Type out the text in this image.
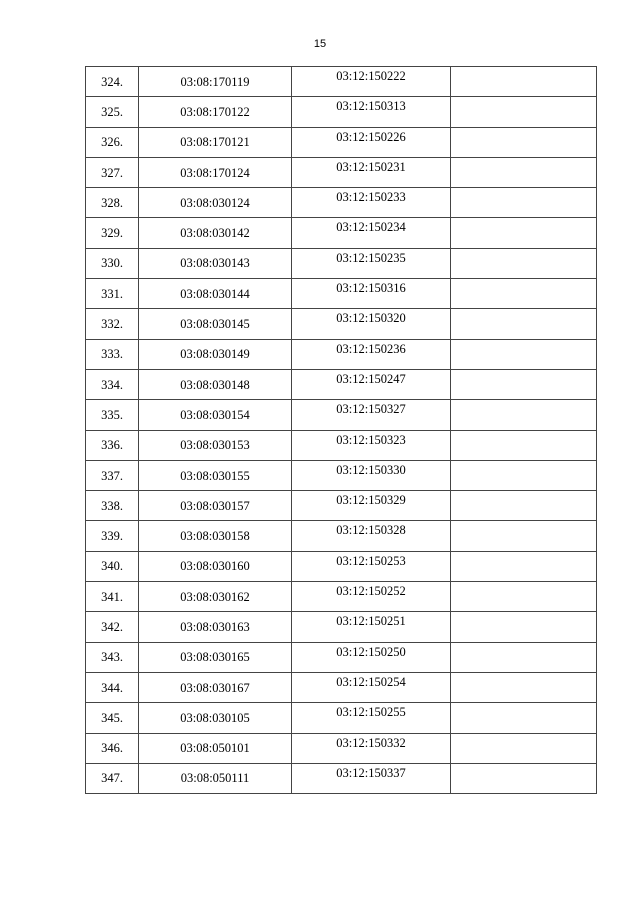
15
324.	03:08:170119	03:12:150222	
325.	03:08:170122	03:12:150313	
326.	03:08:170121	03:12:150226	
327.	03:08:170124	03:12:150231	
328.	03:08:030124	03:12:150233	
329.	03:08:030142	03:12:150234	
330.	03:08:030143	03:12:150235	
331.	03:08:030144	03:12:150316	
332.	03:08:030145	03:12:150320	
333.	03:08:030149	03:12:150236	
334.	03:08:030148	03:12:150247	
335.	03:08:030154	03:12:150327	
336.	03:08:030153	03:12:150323	
337.	03:08:030155	03:12:150330	
338.	03:08:030157	03:12:150329	
339.	03:08:030158	03:12:150328	
340.	03:08:030160	03:12:150253	
341.	03:08:030162	03:12:150252	
342.	03:08:030163	03:12:150251	
343.	03:08:030165	03:12:150250	
344.	03:08:030167	03:12:150254	
345.	03:08:030105	03:12:150255	
346.	03:08:050101	03:12:150332	
347.	03:08:050111	03:12:150337	
